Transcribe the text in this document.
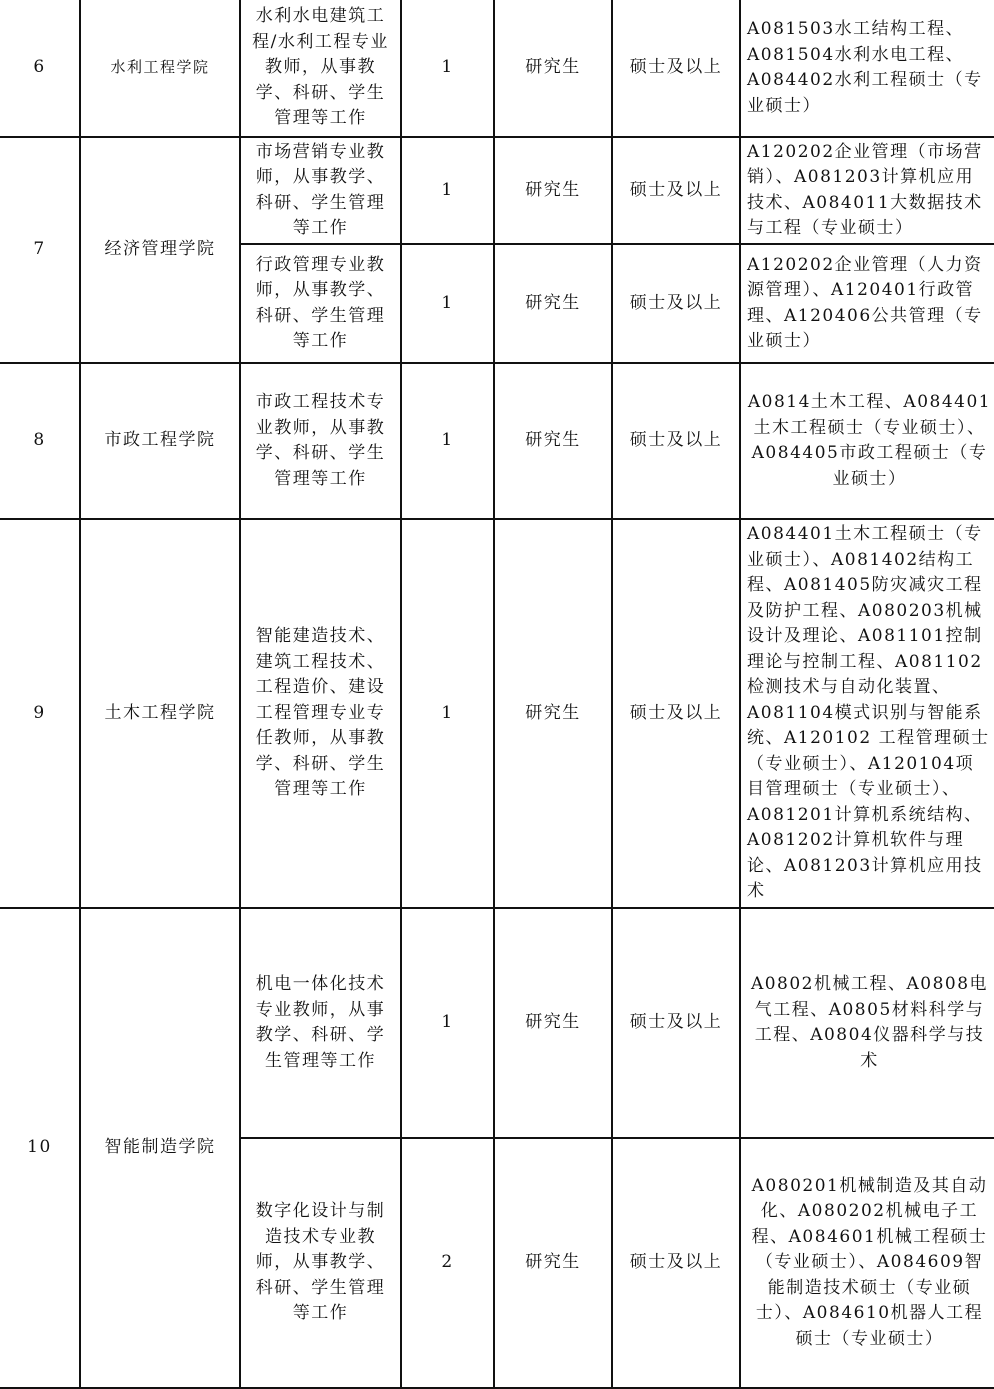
6	水利工程学院	水利水电建筑工程/水利工程专业教师，从事教学、科研、学生管理等工作	1	研究生	硕士及以上	A081503水工结构工程、A081504水利水电工程、A084402水利工程硕士（专业硕士）
7	经济管理学院	市场营销专业教师，从事教学、科研、学生管理等工作	1	研究生	硕士及以上	A120202企业管理（市场营销）、A081203计算机应用技术、A084011大数据技术与工程（专业硕士）
		行政管理专业教师，从事教学、科研、学生管理等工作	1	研究生	硕士及以上	A120202企业管理（人力资源管理）、A120401行政管理、A120406公共管理（专业硕士）
8	市政工程学院	市政工程技术专业教师，从事教学、科研、学生管理等工作	1	研究生	硕士及以上	A0814土木工程、A084401土木工程硕士（专业硕士）、A084405市政工程硕士（专业硕士）
9	土木工程学院	智能建造技术、建筑工程技术、工程造价、建设工程管理专业专任教师，从事教学、科研、学生管理等工作	1	研究生	硕士及以上	A084401土木工程硕士（专业硕士）、A081402结构工程、A081405防灾减灾工程及防护工程、A080203机械设计及理论、A081101控制理论与控制工程、A081102检测技术与自动化装置、A081104模式识别与智能系统、A120102 工程管理硕士（专业硕士）、A120104项目管理硕士（专业硕士）、A081201计算机系统结构、A081202计算机软件与理论、A081203计算机应用技术
10	智能制造学院	机电一体化技术专业教师，从事教学、科研、学生管理等工作	1	研究生	硕士及以上	A0802机械工程、A0808电气工程、A0805材料科学与工程、A0804仪器科学与技术
		数字化设计与制造技术专业教师，从事教学、科研、学生管理等工作	2	研究生	硕士及以上	A080201机械制造及其自动化、A080202机械电子工程、A084601机械工程硕士（专业硕士）、A084609智能制造技术硕士（专业硕士）、A084610机器人工程硕士（专业硕士）
